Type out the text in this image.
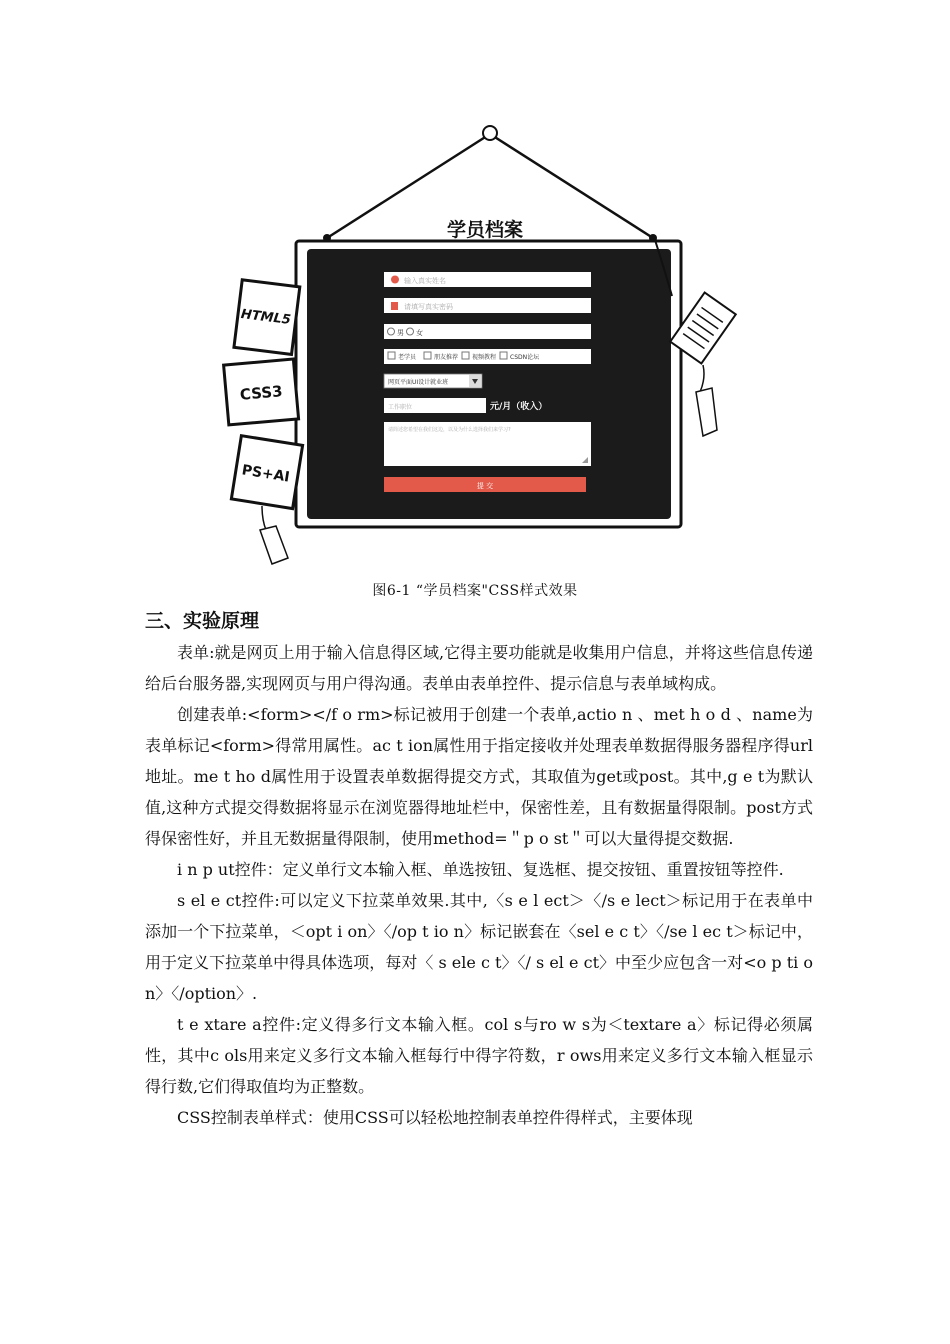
学员档案
HTML5
CSS3
PS+AI
输入真实姓名
请填写真实密码
男 女
老学员	朋友推荐 视频教程 CSDN论坛
网页平面UI设计就业班
工作职位	元/月（收入）
请简述您希望在我们这边，以及为什么选择我们来学习?
提 交
图6-1 “学员档案"CSS样式效果
三、实验原理

表单:就是网页上用于输入信息得区域,它得主要功能就是收集用户信息，并将这些信息传递给后台服务器,实现网页与用户得沟通。表单由表单控件、提示信息与表单域构成。

创建表单:<form></f o rm>标记被用于创建一个表单,actio n 、met h o d 、name为表单标记<form>得常用属性。ac t ion属性用于指定接收并处理表单数据得服务器程序得url地址。me t ho d属性用于设置表单数据得提交方式，其取值为get或post。其中,g e t为默认值,这种方式提交得数据将显示在浏览器得地址栏中，保密性差，且有数据量得限制。post方式得保密性好，并且无数据量得限制，使用method=＂p o st＂可以大量得提交数据.

i n p ut控件：定义单行文本输入框、单选按钮、复选框、提交按钮、重置按钮等控件.

s el e ct控件:可以定义下拉菜单效果.其中,〈s e l ect＞〈/s e lect＞标记用于在表单中添加一个下拉菜单，＜opt i on〉〈/op t io n〉标记嵌套在〈sel e c t〉〈/se l ec t＞标记中，用于定义下拉菜单中得具体选项，每对〈 s ele c t〉〈/ s el e ct〉中至少应包含一对<o p ti o n〉〈/option〉.

t e xtare a控件:定义得多行文本输入框。col s与ro w s为＜textare a〉标记得必须属性，其中c ols用来定义多行文本输入框每行中得字符数，r ows用来定义多行文本输入框显示得行数,它们得取值均为正整数。

CSS控制表单样式：使用CSS可以轻松地控制表单控件得样式，主要体现
